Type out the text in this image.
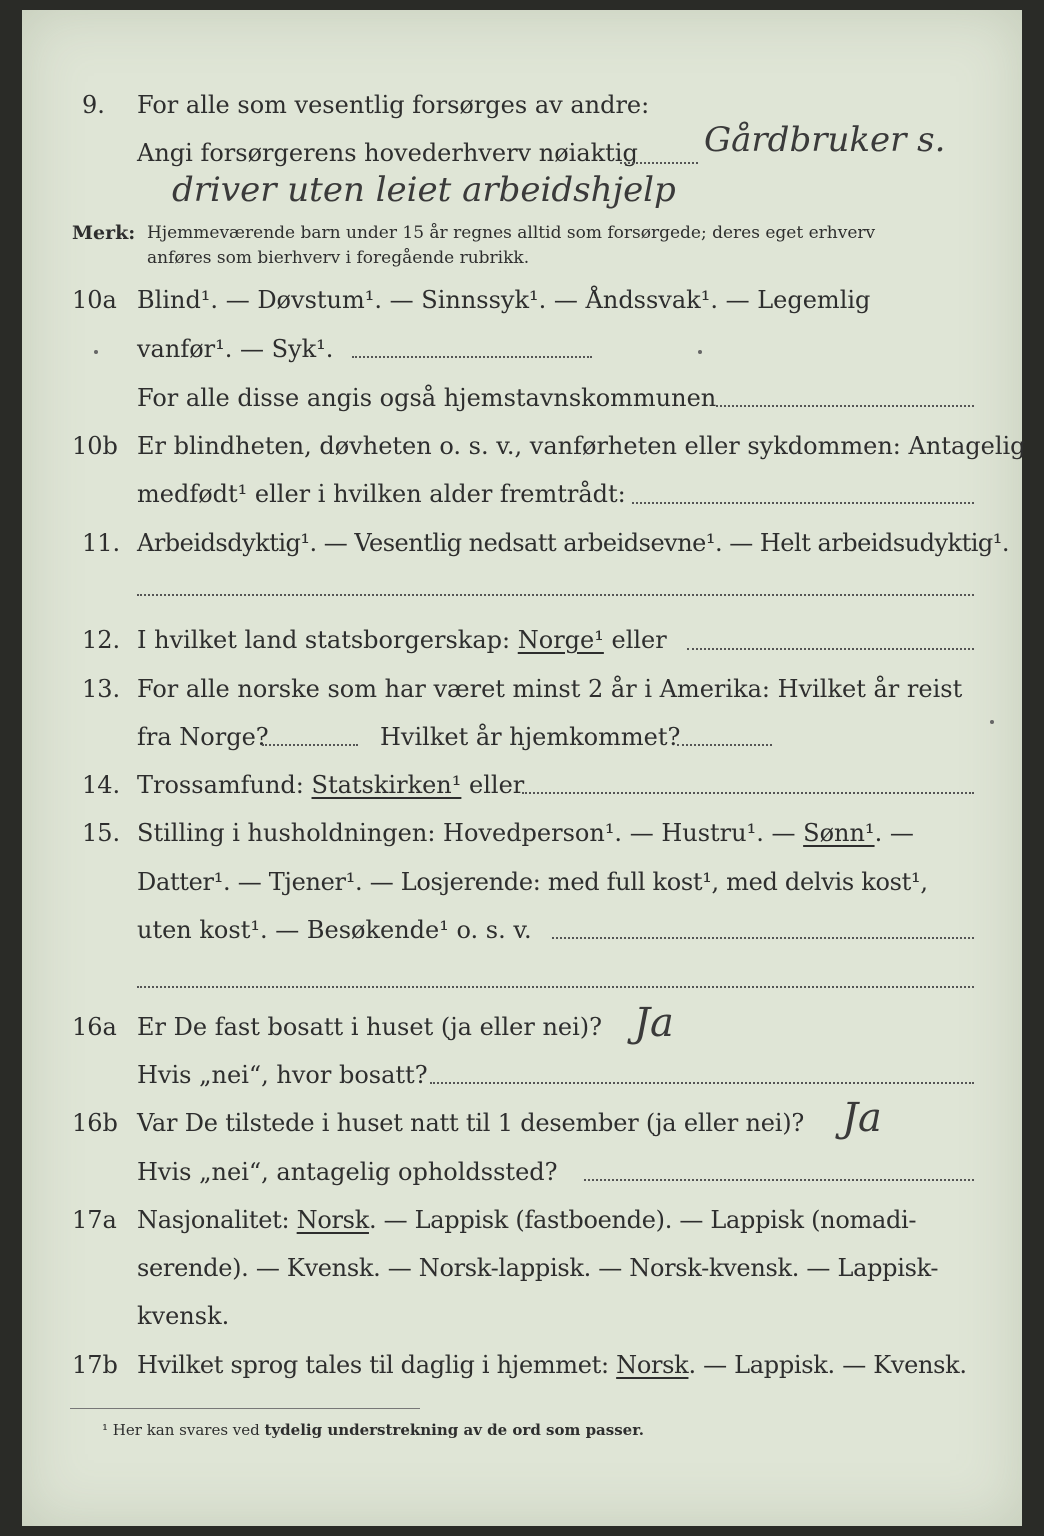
9. For alle som vesentlig forsørges av andre:
Angi forsørgerens hovederhverv nøiaktig Gårdbruker s.
driver uten leiet arbeidshjelp
Merk: Hjemmeværende barn under 15 år regnes alltid som forsørgede; deres eget erhverv
anføres som bierhverv i foregående rubrikk.
10a Blind¹. — Døvstum¹. — Sinnssyk¹. — Åndssvak¹. — Legemlig
vanfør¹. — Syk¹.
For alle disse angis også hjemstavnskommunen
10b Er blindheten, døvheten o. s. v., vanførheten eller sykdommen: Antagelig
medfødt¹ eller i hvilken alder fremtrådt:
11. Arbeidsdyktig¹. — Vesentlig nedsatt arbeidsevne¹. — Helt arbeidsudyktig¹.
12. I hvilket land statsborgerskap: Norge¹ eller
13. For alle norske som har været minst 2 år i Amerika: Hvilket år reist
fra Norge?	Hvilket år hjemkommet?
14. Trossamfund: Statskirken¹ eller
15. Stilling i husholdningen: Hovedperson¹. — Hustru¹. — Sønn¹. —
Datter¹. — Tjener¹. — Losjerende: med full kost¹, med delvis kost¹,
uten kost¹. — Besøkende¹ o. s. v.
16a Er De fast bosatt i huset (ja eller nei)? Ja
Hvis „nei“, hvor bosatt?
16b Var De tilstede i huset natt til 1 desember (ja eller nei)? Ja
Hvis „nei“, antagelig opholdssted?
17a Nasjonalitet: Norsk. — Lappisk (fastboende). — Lappisk (nomadi-
serende). — Kvensk. — Norsk-lappisk. — Norsk-kvensk. — Lappisk-
kvensk.
17b Hvilket sprog tales til daglig i hjemmet: Norsk. — Lappisk. — Kvensk.
¹ Her kan svares ved tydelig understrekning av de ord som passer.
